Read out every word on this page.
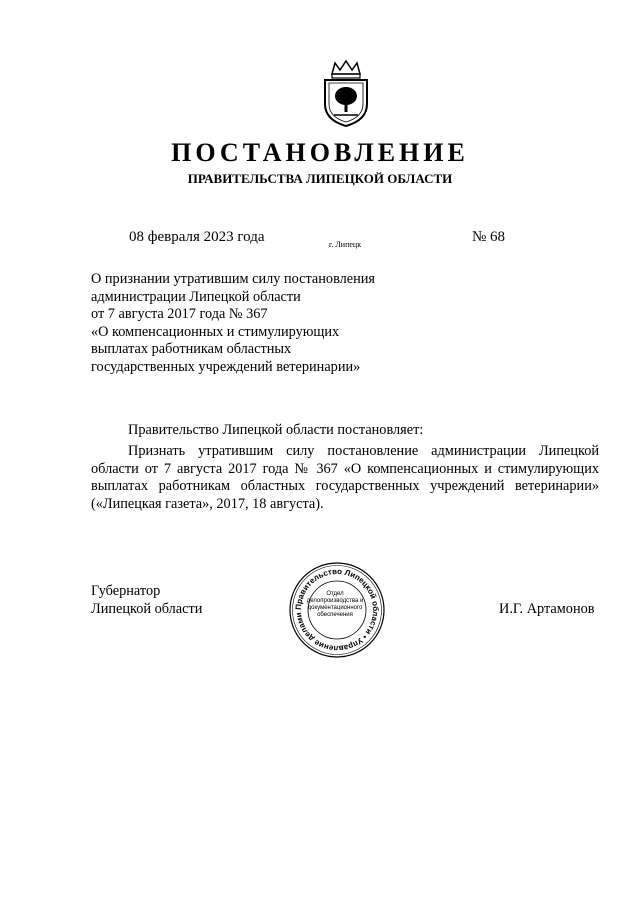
ПОСТАНОВЛЕНИЕ
ПРАВИТЕЛЬСТВА ЛИПЕЦКОЙ ОБЛАСТИ
08 февраля 2023 года	г. Липецк	№ 68
О признании утратившим силу постановления
администрации Липецкой области
от 7 августа 2017 года № 367
«О компенсационных и стимулирующих
выплатах работникам областных
государственных учреждений ветеринарии»
Правительство Липецкой области постановляет:
Признать утратившим силу постановление администрации Липецкой области от 7 августа 2017 года № 367 «О компенсационных и стимулирующих выплатах работникам областных государственных учреждений ветеринарии» («Липецкая газета», 2017, 18 августа).
Губернатор
Липецкой области	И.Г. Артамонов
Правительство Липецкой области • Управление делами
Отдел
делопроизводства и
документационного
обеспечения
